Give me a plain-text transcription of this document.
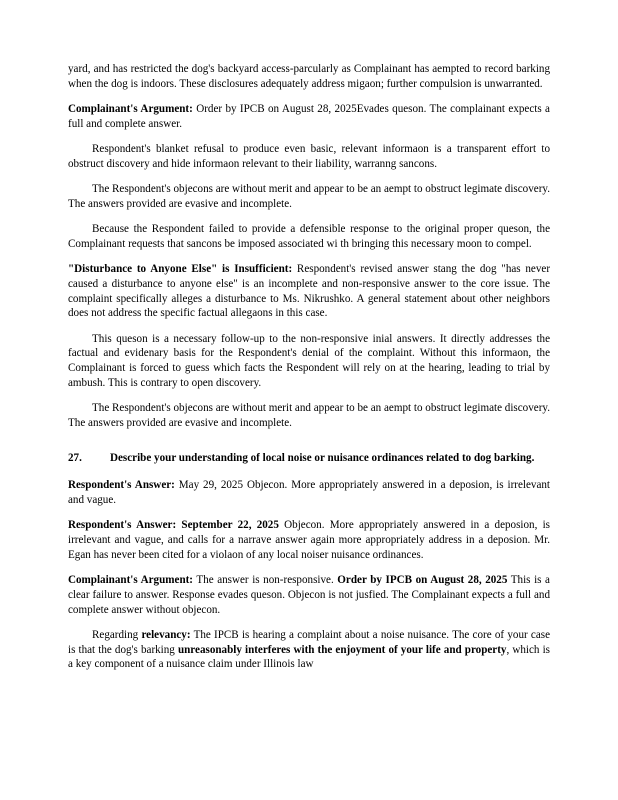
yard, and has restricted the dog's backyard access-parcularly as Complainant has aempted to record barking when the dog is indoors. These disclosures adequately address migaon; further compulsion is unwarranted.

Complainant's Argument: Order by IPCB on August 28, 2025Evades queson. The complainant expects a full and complete answer.

Respondent's blanket refusal to produce even basic, relevant informaon is a transparent effort to obstruct discovery and hide informaon relevant to their liability, warranng sancons.

The Respondent's objecons are without merit and appear to be an aempt to obstruct legimate discovery. The answers provided are evasive and incomplete.

Because the Respondent failed to provide a defensible response to the original proper queson, the Complainant requests that sancons be imposed associated wi th bringing this necessary moon to compel.

"Disturbance to Anyone Else" is Insufficient: Respondent's revised answer stang the dog "has never caused a disturbance to anyone else" is an incomplete and non-responsive answer to the core issue. The complaint specifically alleges a disturbance to Ms. Nikrushko. A general statement about other neighbors does not address the specific factual allegaons in this case.

This queson is a necessary follow-up to the non-responsive inial answers. It directly addresses the factual and evidenary basis for the Respondent's denial of the complaint. Without this informaon, the Complainant is forced to guess which facts the Respondent will rely on at the hearing, leading to trial by ambush. This is contrary to open discovery.

The Respondent's objecons are without merit and appear to be an aempt to obstruct legimate discovery. The answers provided are evasive and incomplete.

27.	Describe your understanding of local noise or nuisance ordinances related to dog barking.

Respondent's Answer: May 29, 2025 Objecon. More appropriately answered in a deposion, is irrelevant and vague.

Respondent's Answer: September 22, 2025 Objecon. More appropriately answered in a deposion, is irrelevant and vague, and calls for a narrave answer again more appropriately address in a deposion. Mr. Egan has never been cited for a violaon of any local noiser nuisance ordinances.

Complainant's Argument: The answer is non-responsive. Order by IPCB on August 28, 2025 This is a clear failure to answer. Response evades queson. Objecon is not jusfied. The Complainant expects a full and complete answer without objecon.

Regarding relevancy: The IPCB is hearing a complaint about a noise nuisance. The core of your case is that the dog's barking unreasonably interferes with the enjoyment of your life and property, which is a key component of a nuisance claim under Illinois law
